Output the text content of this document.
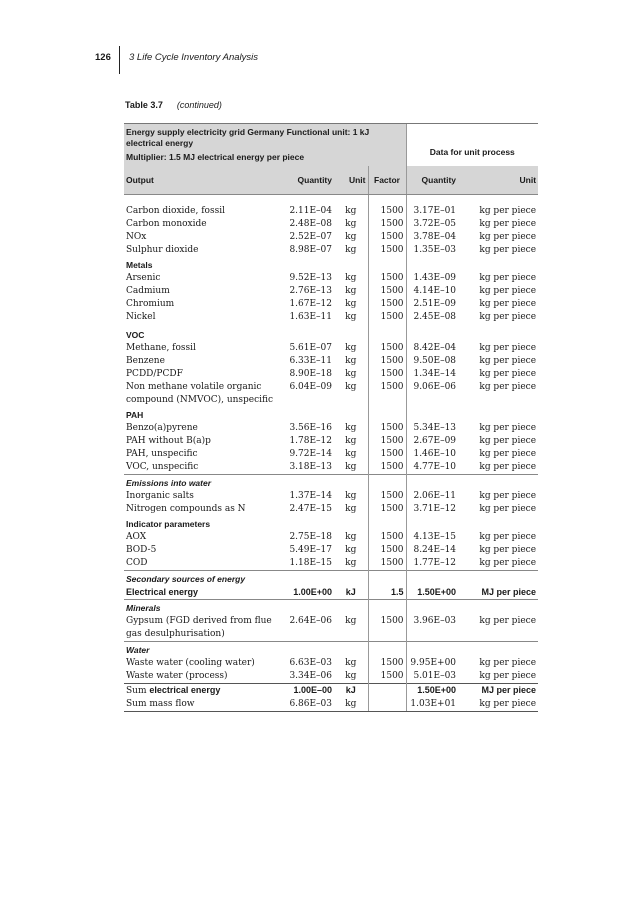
126 3 Life Cycle Inventory Analysis
Table 3.7 (continued)
Energy supply electricity grid Germany Functional unit: 1 kJ electrical energy
Multiplier: 1.5 MJ electrical energy per piece				Data for unit process	
Output	Quantity	Unit	Factor	Quantity	Unit

Carbon dioxide, fossil	2.11E–04	kg	1500	3.17E–01	kg per piece
Carbon monoxide	2.48E–08	kg	1500	3.72E–05	kg per piece
NOx	2.52E–07	kg	1500	3.78E–04	kg per piece
Sulphur dioxide	8.98E–07	kg	1500	1.35E–03	kg per piece
Metals					
Arsenic	9.52E–13	kg	1500	1.43E–09	kg per piece
Cadmium	2.76E–13	kg	1500	4.14E–10	kg per piece
Chromium	1.67E–12	kg	1500	2.51E–09	kg per piece
Nickel	1.63E–11	kg	1500	2.45E–08	kg per piece
VOC					
Methane, fossil	5.61E–07	kg	1500	8.42E–04	kg per piece
Benzene	6.33E–11	kg	1500	9.50E–08	kg per piece
PCDD/PCDF	8.90E–18	kg	1500	1.34E–14	kg per piece
Non methane volatile organic compound (NMVOC), unspecific	6.04E–09	kg	1500	9.06E–06	kg per piece
PAH					
Benzo(a)pyrene	3.56E–16	kg	1500	5.34E–13	kg per piece
PAH without B(a)p	1.78E–12	kg	1500	2.67E–09	kg per piece
PAH, unspecific	9.72E–14	kg	1500	1.46E–10	kg per piece
VOC, unspecific	3.18E–13	kg	1500	4.77E–10	kg per piece
Emissions into water					
Inorganic salts	1.37E–14	kg	1500	2.06E–11	kg per piece
Nitrogen compounds as N	2.47E–15	kg	1500	3.71E–12	kg per piece
Indicator parameters					
AOX	2.75E–18	kg	1500	4.13E–15	kg per piece
BOD-5	5.49E–17	kg	1500	8.24E–14	kg per piece
COD	1.18E–15	kg	1500	1.77E–12	kg per piece
Secondary sources of energy					
Electrical energy	1.00E+00	kJ	1.5	1.50E+00	MJ per piece
Minerals					
Gypsum (FGD derived from flue gas desulphurisation)	2.64E–06	kg	1500	3.96E–03	kg per piece
Water					
Waste water (cooling water)	6.63E–03	kg	1500	9.95E+00	kg per piece
Waste water (process)	3.34E–06	kg	1500	5.01E–03	kg per piece
Sum electrical energy	1.00E–00	kJ		1.50E+00	MJ per piece
Sum mass flow	6.86E–03	kg		1.03E+01	kg per piece
